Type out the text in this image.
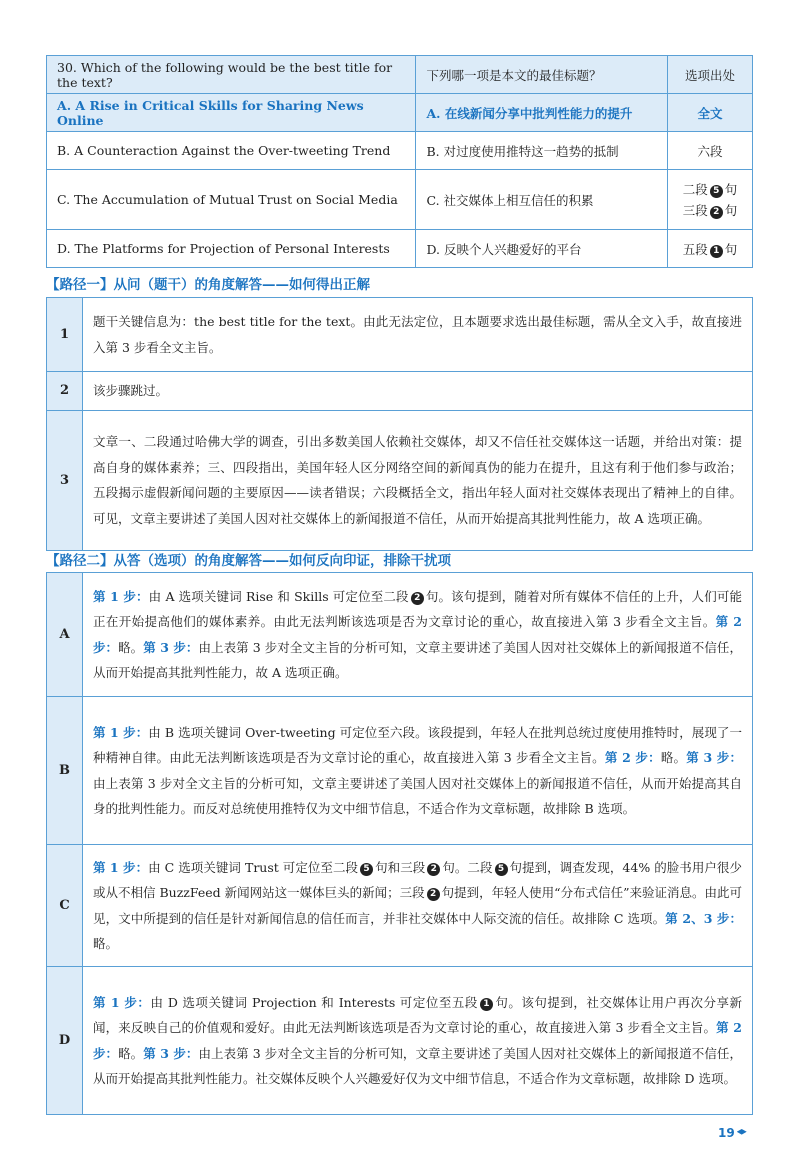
30. Which of the following would be the best title for the text?	下列哪一项是本文的最佳标题？	选项出处
A. A Rise in Critical Skills for Sharing News Online	A. 在线新闻分享中批判性能力的提升	全文
B. A Counteraction Against the Over-tweeting Trend	B. 对过度使用推特这一趋势的抵制	六段
C. The Accumulation of Mutual Trust on Social Media	C. 社交媒体上相互信任的积累	二段 5 句
三段 2 句

D. The Platforms for Projection of Personal Interests	D. 反映个人兴趣爱好的平台	五段 1 句
【路径一】从问（题干）的角度解答——如何得出正解
1	题干关键信息为：the best title for the text。由此无法定位，且本题要求选出最佳标题，需从全文入手，故直接进入第 3 步看全文主旨。
2	该步骤跳过。
3	文章一、二段通过哈佛大学的调查，引出多数美国人依赖社交媒体，却又不信任社交媒体这一话题，并给出对策：提高自身的媒体素养；三、四段指出，美国年轻人区分网络空间的新闻真伪的能力在提升，且这有利于他们参与政治；五段揭示虚假新闻问题的主要原因——读者错误；六段概括全文，指出年轻人面对社交媒体表现出了精神上的自律。可见，文章主要讲述了美国人因对社交媒体上的新闻报道不信任，从而开始提高其批判性能力，故 A 选项正确。
【路径二】从答（选项）的角度解答——如何反向印证，排除干扰项
A	第 1 步：由 A 选项关键词 Rise 和 Skills 可定位至二段 2 句。该句提到，随着对所有媒体不信任的上升，人们可能正在开始提高他们的媒体素养。由此无法判断该选项是否为文章讨论的重心，故直接进入第 3 步看全文主旨。第 2 步：略。第 3 步：由上表第 3 步对全文主旨的分析可知，文章主要讲述了美国人因对社交媒体上的新闻报道不信任，从而开始提高其批判性能力，故 A 选项正确。
B	第 1 步：由 B 选项关键词 Over-tweeting 可定位至六段。该段提到，年轻人在批判总统过度使用推特时，展现了一种精神自律。由此无法判断该选项是否为文章讨论的重心，故直接进入第 3 步看全文主旨。第 2 步：略。第 3 步：由上表第 3 步对全文主旨的分析可知，文章主要讲述了美国人因对社交媒体上的新闻报道不信任，从而开始提高其自身的批判性能力。而反对总统使用推特仅为文中细节信息，不适合作为文章标题，故排除 B 选项。
C	第 1 步：由 C 选项关键词 Trust 可定位至二段 5 句和三段 2 句。二段 5 句提到，调查发现，44% 的脸书用户很少或从不相信 BuzzFeed 新闻网站这一媒体巨头的新闻；三段 2 句提到，年轻人使用“分布式信任”来验证消息。由此可见，文中所提到的信任是针对新闻信息的信任而言，并非社交媒体中人际交流的信任。故排除 C 选项。第 2、3 步：略。
D	第 1 步：由 D 选项关键词 Projection 和 Interests 可定位至五段 1 句。该句提到，社交媒体让用户再次分享新闻，来反映自己的价值观和爱好。由此无法判断该选项是否为文章讨论的重心，故直接进入第 3 步看全文主旨。第 2 步：略。第 3 步：由上表第 3 步对全文主旨的分析可知，文章主要讲述了美国人因对社交媒体上的新闻报道不信任，从而开始提高其批判性能力。社交媒体反映个人兴趣爱好仅为文中细节信息，不适合作为文章标题，故排除 D 选项。
19
